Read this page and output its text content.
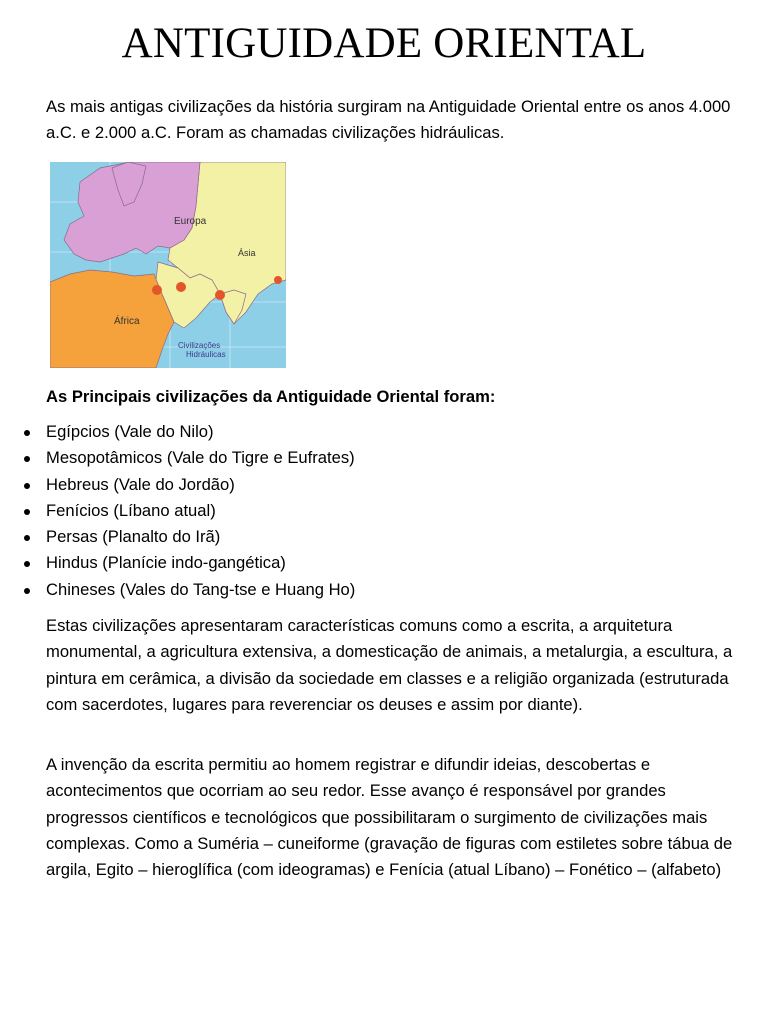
ANTIGUIDADE ORIENTAL
As mais antigas civilizações da história surgiram na Antiguidade Oriental entre os anos 4.000 a.C. e 2.000 a.C. Foram as chamadas civilizações hidráulicas.
Europa
Ásia
África
Civilizações
Hidráulicas
As Principais civilizações da Antiguidade Oriental foram:
Egípcios (Vale do Nilo)
Mesopotâmicos (Vale do Tigre e Eufrates)
Hebreus (Vale do Jordão)
Fenícios (Líbano atual)
Persas (Planalto do Irã)
Hindus (Planície indo-gangética)
Chineses (Vales do Tang-tse e Huang Ho)
Estas civilizações apresentaram características comuns como a escrita, a arquitetura monumental, a agricultura extensiva, a domesticação de animais, a metalurgia, a escultura, a pintura em cerâmica, a divisão da sociedade em classes e a religião organizada (estruturada com sacerdotes, lugares para reverenciar os deuses e assim por diante).
A invenção da escrita permitiu ao homem registrar e difundir ideias, descobertas e acontecimentos que ocorriam ao seu redor. Esse avanço é responsável por grandes progressos científicos e tecnológicos que possibilitaram o surgimento de civilizações mais complexas. Como a Suméria – cuneiforme (gravação de figuras com estiletes sobre tábua de argila, Egito – hieroglífica (com ideogramas) e Fenícia (atual Líbano) – Fonético – (alfabeto)
